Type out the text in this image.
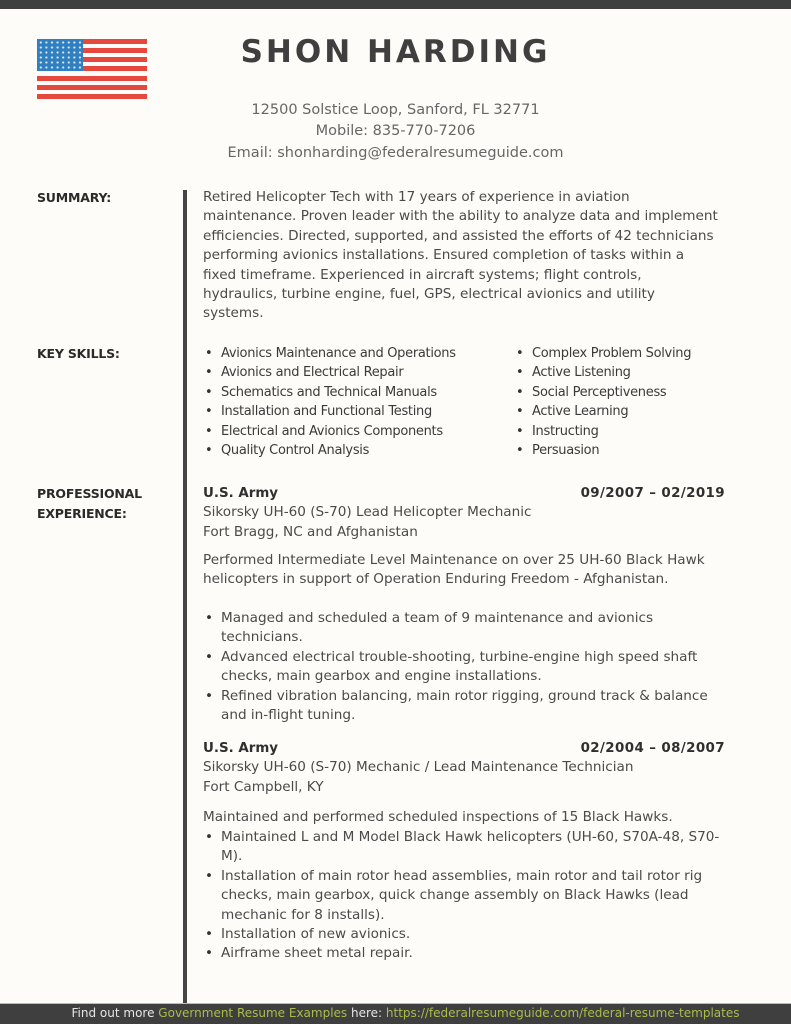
SHON HARDING
12500 Solstice Loop, Sanford, FL 32771
Mobile: 835-770-7206
Email: shonharding@federalresumeguide.com
SUMMARY:	Retired Helicopter Tech with 17 years of experience in aviation maintenance. Proven leader with the ability to analyze data and implement efficiencies. Directed, supported, and assisted the efforts of 42 technicians performing avionics installations. Ensured completion of tasks within a fixed timeframe. Experienced in aircraft systems; flight controls, hydraulics, turbine engine, fuel, GPS, electrical avionics and utility systems.
KEY SKILLS:	• Avionics Maintenance and Operations
• Avionics and Electrical Repair
• Schematics and Technical Manuals
• Installation and Functional Testing
• Electrical and Avionics Components
• Quality Control Analysis
• Complex Problem Solving
• Active Listening
• Social Perceptiveness
• Active Learning
• Instructing
• Persuasion
PROFESSIONAL
EXPERIENCE:
U.S. Army	09/2007 – 02/2019
Sikorsky UH-60 (S-70) Lead Helicopter Mechanic
Fort Bragg, NC and Afghanistan
Performed Intermediate Level Maintenance on over 25 UH-60 Black Hawk helicopters in support of Operation Enduring Freedom - Afghanistan.
• Managed and scheduled a team of 9 maintenance and avionics technicians.
• Advanced electrical trouble-shooting, turbine-engine high speed shaft checks, main gearbox and engine installations.
• Refined vibration balancing, main rotor rigging, ground track & balance and in-flight tuning.
U.S. Army	02/2004 – 08/2007
Sikorsky UH-60 (S-70) Mechanic / Lead Maintenance Technician
Fort Campbell, KY
Maintained and performed scheduled inspections of 15 Black Hawks.
• Maintained L and M Model Black Hawk helicopters (UH-60, S70A-48, S70-M).
• Installation of main rotor head assemblies, main rotor and tail rotor rig checks, main gearbox, quick change assembly on Black Hawks (lead mechanic for 8 installs).
• Installation of new avionics.
• Airframe sheet metal repair.
Find out more Government Resume Examples here: https://federalresumeguide.com/federal-resume-templates
